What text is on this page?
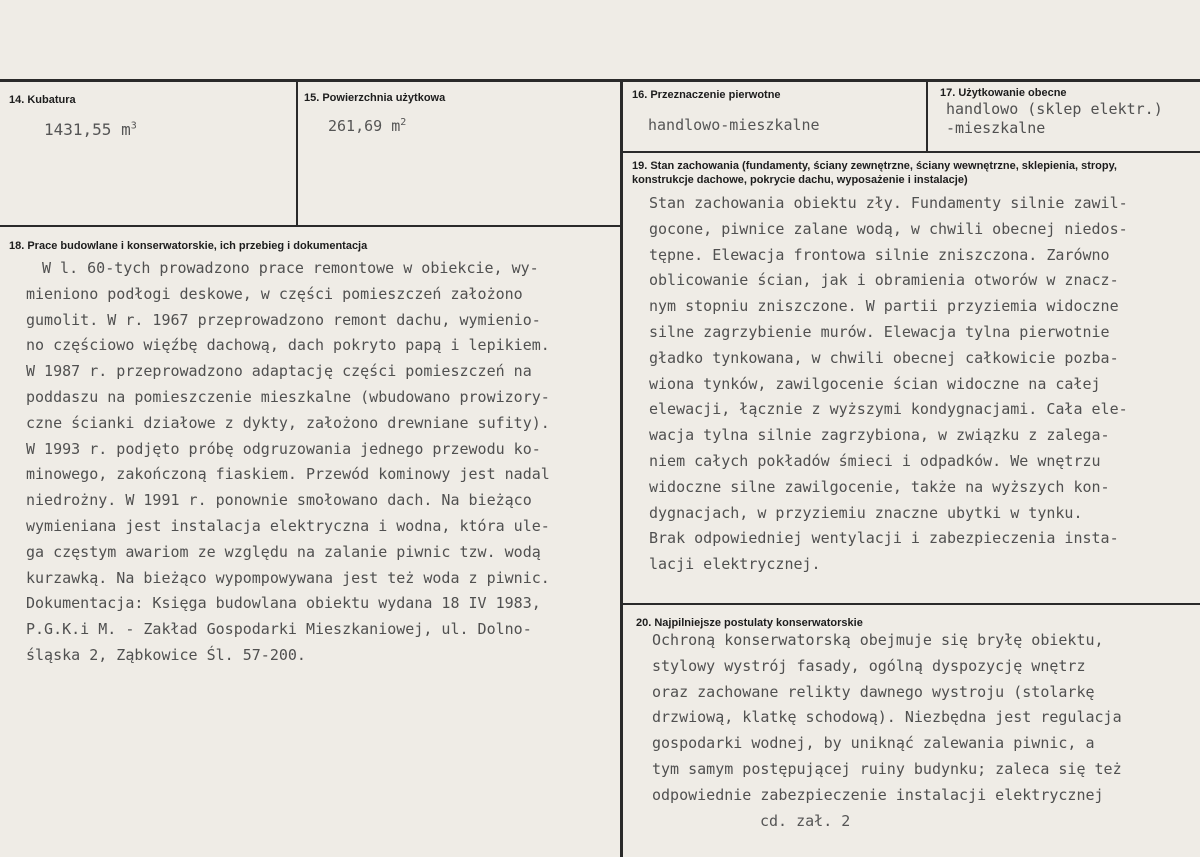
14. Kubatura
1431,55 $m^3$
15. Powierzchnia użytkowa
261,69 $m^2$
16. Przeznaczenie pierwotne
handlowo-mieszkalne
17. Użytkowanie obecne
handlowo (sklep elektr.)
-mieszkalne
19. Stan zachowania (fundamenty, ściany zewnętrzne, ściany wewnętrzne, sklepienia, stropy, konstrukcje dachowe, pokrycie dachu, wyposażenie i instalacje)
Stan zachowania obiektu zły. Fundamenty silnie zawil-
gocone, piwnice zalane wodą, w chwili obecnej niedos-
tępne. Elewacja frontowa silnie zniszczona. Zarówno
oblicowanie ścian, jak i obramienia otworów w znacz-
nym stopniu zniszczone. W partii przyziemia widoczne
silne zagrzybienie murów. Elewacja tylna pierwotnie
gładko tynkowana, w chwili obecnej całkowicie pozba-
wiona tynków, zawilgocenie ścian widoczne na całej
elewacji, łącznie z wyższymi kondygnacjami. Cała ele-
wacja tylna silnie zagrzybiona, w związku z zalega-
niem całych pokładów śmieci i odpadków. We wnętrzu
widoczne silne zawilgocenie, także na wyższych kon-
dygnacjach, w przyziemiu znaczne ubytki w tynku.
Brak odpowiedniej wentylacji i zabezpieczenia insta-
lacji elektrycznej.
18. Prace budowlane i konserwatorskie, ich przebieg i dokumentacja
W l. 60-tych prowadzono prace remontowe w obiekcie, wy-
mieniono podłogi deskowe, w części pomieszczeń założono
gumolit. W r. 1967 przeprowadzono remont dachu, wymienio-
no częściowo więźbę dachową, dach pokryto papą i lepikiem.
W 1987 r. przeprowadzono adaptację części pomieszczeń na
poddaszu na pomieszczenie mieszkalne (wbudowano prowizory-
czne ścianki działowe z dykty, założono drewniane sufity).
W 1993 r. podjęto próbę odgruzowania jednego przewodu ko-
minowego, zakończoną fiaskiem. Przewód kominowy jest nadal
niedrożny. W 1991 r. ponownie smołowano dach. Na bieżąco
wymieniana jest instalacja elektryczna i wodna, która ule-
ga częstym awariom ze względu na zalanie piwnic tzw. wodą
kurzawką. Na bieżąco wypompowywana jest też woda z piwnic.
Dokumentacja: Księga budowlana obiektu wydana 18 IV 1983,
P.G.K.i M. - Zakład Gospodarki Mieszkaniowej, ul. Dolno-
śląska 2, Ząbkowice Śl. 57-200.
20. Najpilniejsze postulaty konserwatorskie
Ochroną konserwatorską obejmuje się bryłę obiektu,
stylowy wystrój fasady, ogólną dyspozycję wnętrz
oraz zachowane relikty dawnego wystroju (stolarkę
drzwiową, klatkę schodową). Niezbędna jest regulacja
gospodarki wodnej, by uniknąć zalewania piwnic, a
tym samym postępującej ruiny budynku; zaleca się też
odpowiednie zabezpieczenie instalacji elektrycznej
cd. zał. 2
